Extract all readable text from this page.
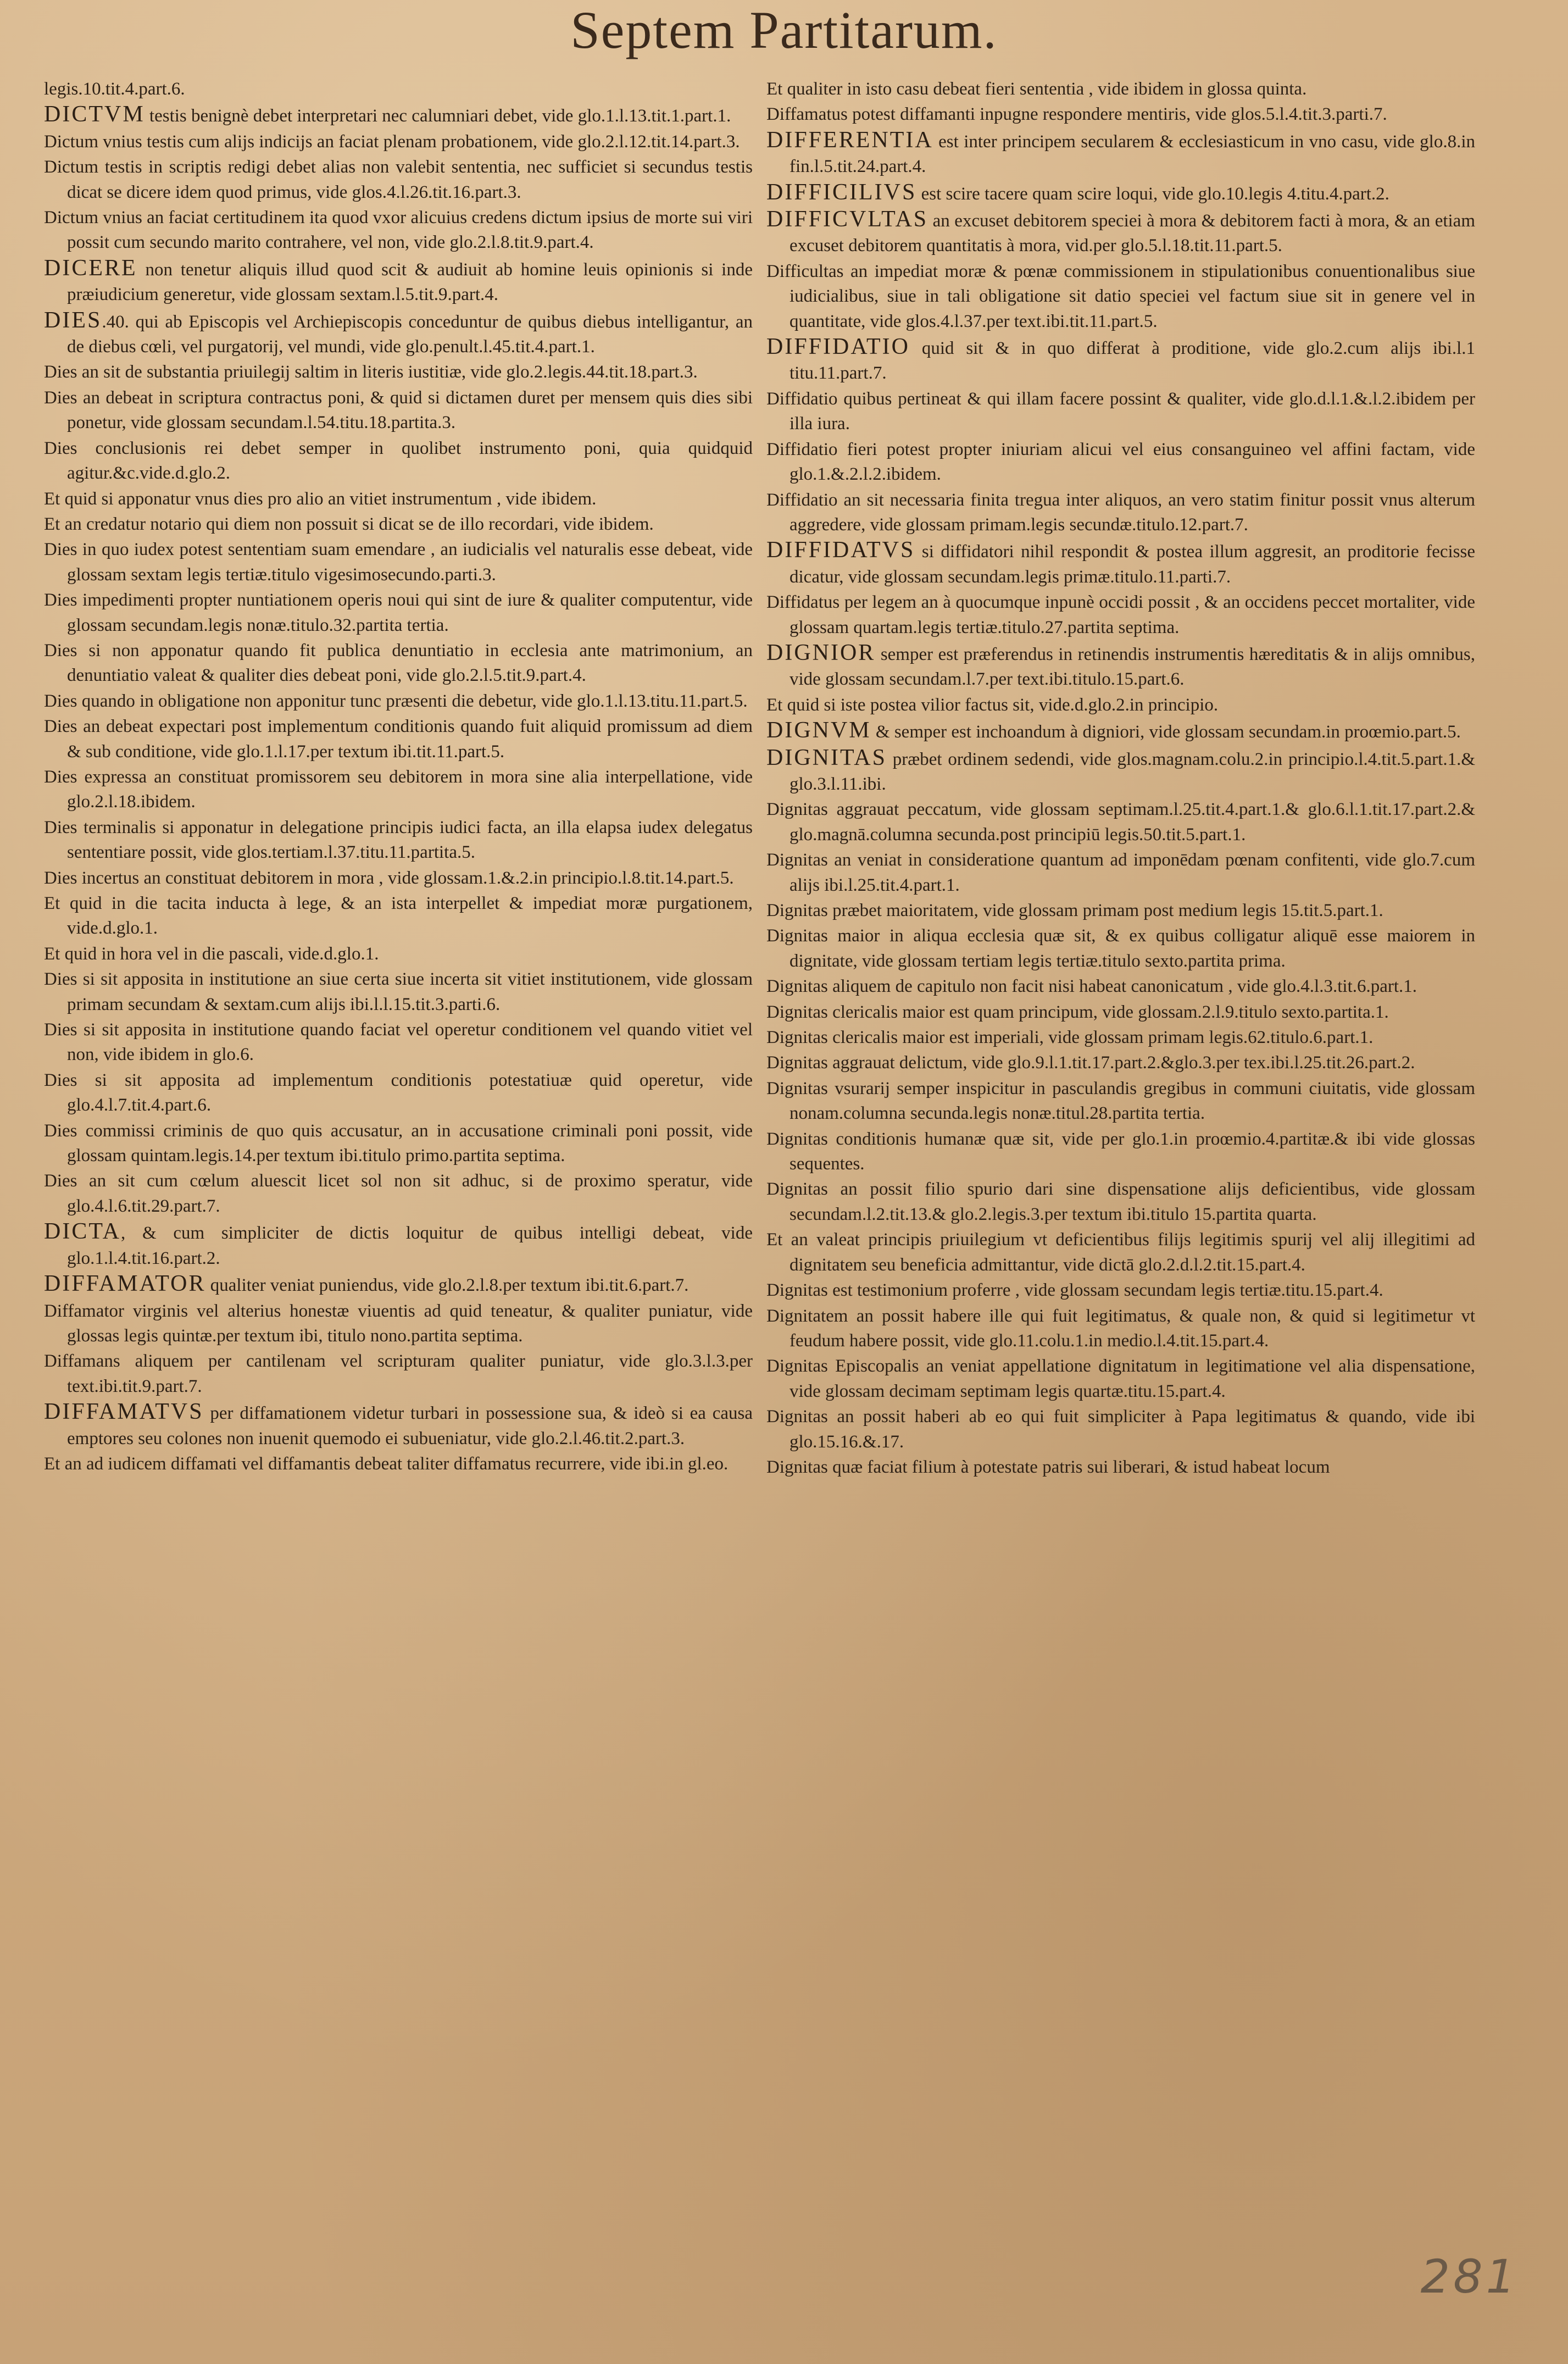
Septem Partitarum.

legis.10.tit.4.part.6.

DICTVM testis benignè debet interpretari nec calumniari debet, vide glo.1.l.13.tit.1.part.1.

Dictum vnius testis cum alijs indicijs an faciat plenam probationem, vide glo.2.l.12.tit.14.part.3.

Dictum testis in scriptis redigi debet alias non valebit sententia, nec sufficiet si secundus testis dicat se dicere idem quod primus, vide glos.4.l.26.tit.16.part.3.

Dictum vnius an faciat certitudinem ita quod vxor alicuius credens dictum ipsius de morte sui viri possit cum secundo marito contrahere, vel non, vide glo.2.l.8.tit.9.part.4.

DICERE non tenetur aliquis illud quod scit & audiuit ab homine leuis opinionis si inde præiudicium generetur, vide glossam sextam.l.5.tit.9.part.4.

DIES.40. qui ab Episcopis vel Archiepiscopis conceduntur de quibus diebus intelligantur, an de diebus cœli, vel purgatorij, vel mundi, vide glo.penult.l.45.tit.4.part.1.

Dies an sit de substantia priuilegij saltim in literis iustitiæ, vide glo.2.legis.44.tit.18.part.3.

Dies an debeat in scriptura contractus poni, & quid si dictamen duret per mensem quis dies sibi ponetur, vide glossam secundam.l.54.titu.18.partita.3.

Dies conclusionis rei debet semper in quolibet instrumento poni, quia quidquid agitur.&c.vide.d.glo.2.

Et quid si apponatur vnus dies pro alio an vitiet instrumentum , vide ibidem.

Et an credatur notario qui diem non possuit si dicat se de illo recordari, vide ibidem.

Dies in quo iudex potest sententiam suam emendare , an iudicialis vel naturalis esse debeat, vide glossam sextam legis tertiæ.titulo vigesimosecundo.parti.3.

Dies impedimenti propter nuntiationem operis noui qui sint de iure & qualiter computentur, vide glossam secundam.legis nonæ.titulo.32.partita tertia.

Dies si non apponatur quando fit publica denuntiatio in ecclesia ante matrimonium, an denuntiatio valeat & qualiter dies debeat poni, vide glo.2.l.5.tit.9.part.4.

Dies quando in obligatione non apponitur tunc præsenti die debetur, vide glo.1.l.13.titu.11.part.5.

Dies an debeat expectari post implementum conditionis quando fuit aliquid promissum ad diem & sub conditione, vide glo.1.l.17.per textum ibi.tit.11.part.5.

Dies expressa an constituat promissorem seu debitorem in mora sine alia interpellatione, vide glo.2.l.18.ibidem.

Dies terminalis si apponatur in delegatione principis iudici facta, an illa elapsa iudex delegatus sententiare possit, vide glos.tertiam.l.37.titu.11.partita.5.

Dies incertus an constituat debitorem in mora , vide glossam.1.&.2.in principio.l.8.tit.14.part.5.

Et quid in die tacita inducta à lege, & an ista interpellet & impediat moræ purgationem, vide.d.glo.1.

Et quid in hora vel in die pascali, vide.d.glo.1.

Dies si sit apposita in institutione an siue certa siue incerta sit vitiet institutionem, vide glossam primam secundam & sextam.cum alijs ibi.l.l.15.tit.3.parti.6.

Dies si sit apposita in institutione quando faciat vel operetur conditionem vel quando vitiet vel non, vide ibidem in glo.6.

Dies si sit apposita ad implementum conditionis potestatiuæ quid operetur, vide glo.4.l.7.tit.4.part.6.

Dies commissi criminis de quo quis accusatur, an in accusatione criminali poni possit, vide glossam quintam.legis.14.per textum ibi.titulo primo.partita septima.

Dies an sit cum cœlum aluescit licet sol non sit adhuc, si de proximo speratur, vide glo.4.l.6.tit.29.part.7.

DICTA, & cum simpliciter de dictis loquitur de quibus intelligi debeat, vide glo.1.l.4.tit.16.part.2.

DIFFAMATOR qualiter veniat puniendus, vide glo.2.l.8.per textum ibi.tit.6.part.7.

Diffamator virginis vel alterius honestæ viuentis ad quid teneatur, & qualiter puniatur, vide glossas legis quintæ.per textum ibi, titulo nono.partita septima.

Diffamans aliquem per cantilenam vel scripturam qualiter puniatur, vide glo.3.l.3.per text.ibi.tit.9.part.7.

DIFFAMATVS per diffamationem videtur turbari in possessione sua, & ideò si ea causa emptores seu colones non inuenit quemodo ei subueniatur, vide glo.2.l.46.tit.2.part.3.

Et an ad iudicem diffamati vel diffamantis debeat taliter diffamatus recurrere, vide ibi.in gl.eo.

Et qualiter in isto casu debeat fieri sententia , vide ibidem in glossa quinta.

Diffamatus potest diffamanti inpugne respondere mentiris, vide glos.5.l.4.tit.3.parti.7.

DIFFERENTIA est inter principem secularem & ecclesiasticum in vno casu, vide glo.8.in fin.l.5.tit.24.part.4.

DIFFICILIVS est scire tacere quam scire loqui, vide glo.10.legis 4.titu.4.part.2.

DIFFICVLTAS an excuset debitorem speciei à mora & debitorem facti à mora, & an etiam excuset debitorem quantitatis à mora, vid.per glo.5.l.18.tit.11.part.5.

Difficultas an impediat moræ & pœnæ commissionem in stipulationibus conuentionalibus siue iudicialibus, siue in tali obligatione sit datio speciei vel factum siue sit in genere vel in quantitate, vide glos.4.l.37.per text.ibi.tit.11.part.5.

DIFFIDATIO quid sit & in quo differat à proditione, vide glo.2.cum alijs ibi.l.1 titu.11.part.7.

Diffidatio quibus pertineat & qui illam facere possint & qualiter, vide glo.d.l.1.&.l.2.ibidem per illa iura.

Diffidatio fieri potest propter iniuriam alicui vel eius consanguineo vel affini factam, vide glo.1.&.2.l.2.ibidem.

Diffidatio an sit necessaria finita tregua inter aliquos, an vero statim finitur possit vnus alterum aggredere, vide glossam primam.legis secundæ.titulo.12.part.7.

DIFFIDATVS si diffidatori nihil respondit & postea illum aggresit, an proditorie fecisse dicatur, vide glossam secundam.legis primæ.titulo.11.parti.7.

Diffidatus per legem an à quocumque inpunè occidi possit , & an occidens peccet mortaliter, vide glossam quartam.legis tertiæ.titulo.27.partita septima.

DIGNIOR semper est præferendus in retinendis instrumentis hæreditatis & in alijs omnibus, vide glossam secundam.l.7.per text.ibi.titulo.15.part.6.

Et quid si iste postea vilior factus sit, vide.d.glo.2.in principio.

DIGNVM & semper est inchoandum à digniori, vide glossam secundam.in proœmio.part.5.

DIGNITAS præbet ordinem sedendi, vide glos.magnam.colu.2.in principio.l.4.tit.5.part.1.& glo.3.l.11.ibi.

Dignitas aggrauat peccatum, vide glossam septimam.l.25.tit.4.part.1.& glo.6.l.1.tit.17.part.2.& glo.magnā.columna secunda.post principiū legis.50.tit.5.part.1.

Dignitas an veniat in consideratione quantum ad imponēdam pœnam confitenti, vide glo.7.cum alijs ibi.l.25.tit.4.part.1.

Dignitas præbet maioritatem, vide glossam primam post medium legis 15.tit.5.part.1.

Dignitas maior in aliqua ecclesia quæ sit, & ex quibus colligatur aliquē esse maiorem in dignitate, vide glossam tertiam legis tertiæ.titulo sexto.partita prima.

Dignitas aliquem de capitulo non facit nisi habeat canonicatum , vide glo.4.l.3.tit.6.part.1.

Dignitas clericalis maior est quam principum, vide glossam.2.l.9.titulo sexto.partita.1.

Dignitas clericalis maior est imperiali, vide glossam primam legis.62.titulo.6.part.1.

Dignitas aggrauat delictum, vide glo.9.l.1.tit.17.part.2.&glo.3.per tex.ibi.l.25.tit.26.part.2.

Dignitas vsurarij semper inspicitur in pasculandis gregibus in communi ciuitatis, vide glossam nonam.columna secunda.legis nonæ.titul.28.partita tertia.

Dignitas conditionis humanæ quæ sit, vide per glo.1.in proœmio.4.partitæ.& ibi vide glossas sequentes.

Dignitas an possit filio spurio dari sine dispensatione alijs deficientibus, vide glossam secundam.l.2.tit.13.& glo.2.legis.3.per textum ibi.titulo 15.partita quarta.

Et an valeat principis priuilegium vt deficientibus filijs legitimis spurij vel alij illegitimi ad dignitatem seu beneficia admittantur, vide dictā glo.2.d.l.2.tit.15.part.4.

Dignitas est testimonium proferre , vide glossam secundam legis tertiæ.titu.15.part.4.

Dignitatem an possit habere ille qui fuit legitimatus, & quale non, & quid si legitimetur vt feudum habere possit, vide glo.11.colu.1.in medio.l.4.tit.15.part.4.

Dignitas Episcopalis an veniat appellatione dignitatum in legitimatione vel alia dispensatione, vide glossam decimam septimam legis quartæ.titu.15.part.4.

Dignitas an possit haberi ab eo qui fuit simpliciter à Papa legitimatus & quando, vide ibi glo.15.16.&.17.

Dignitas quæ faciat filium à potestate patris sui liberari, & istud habeat locum

281
